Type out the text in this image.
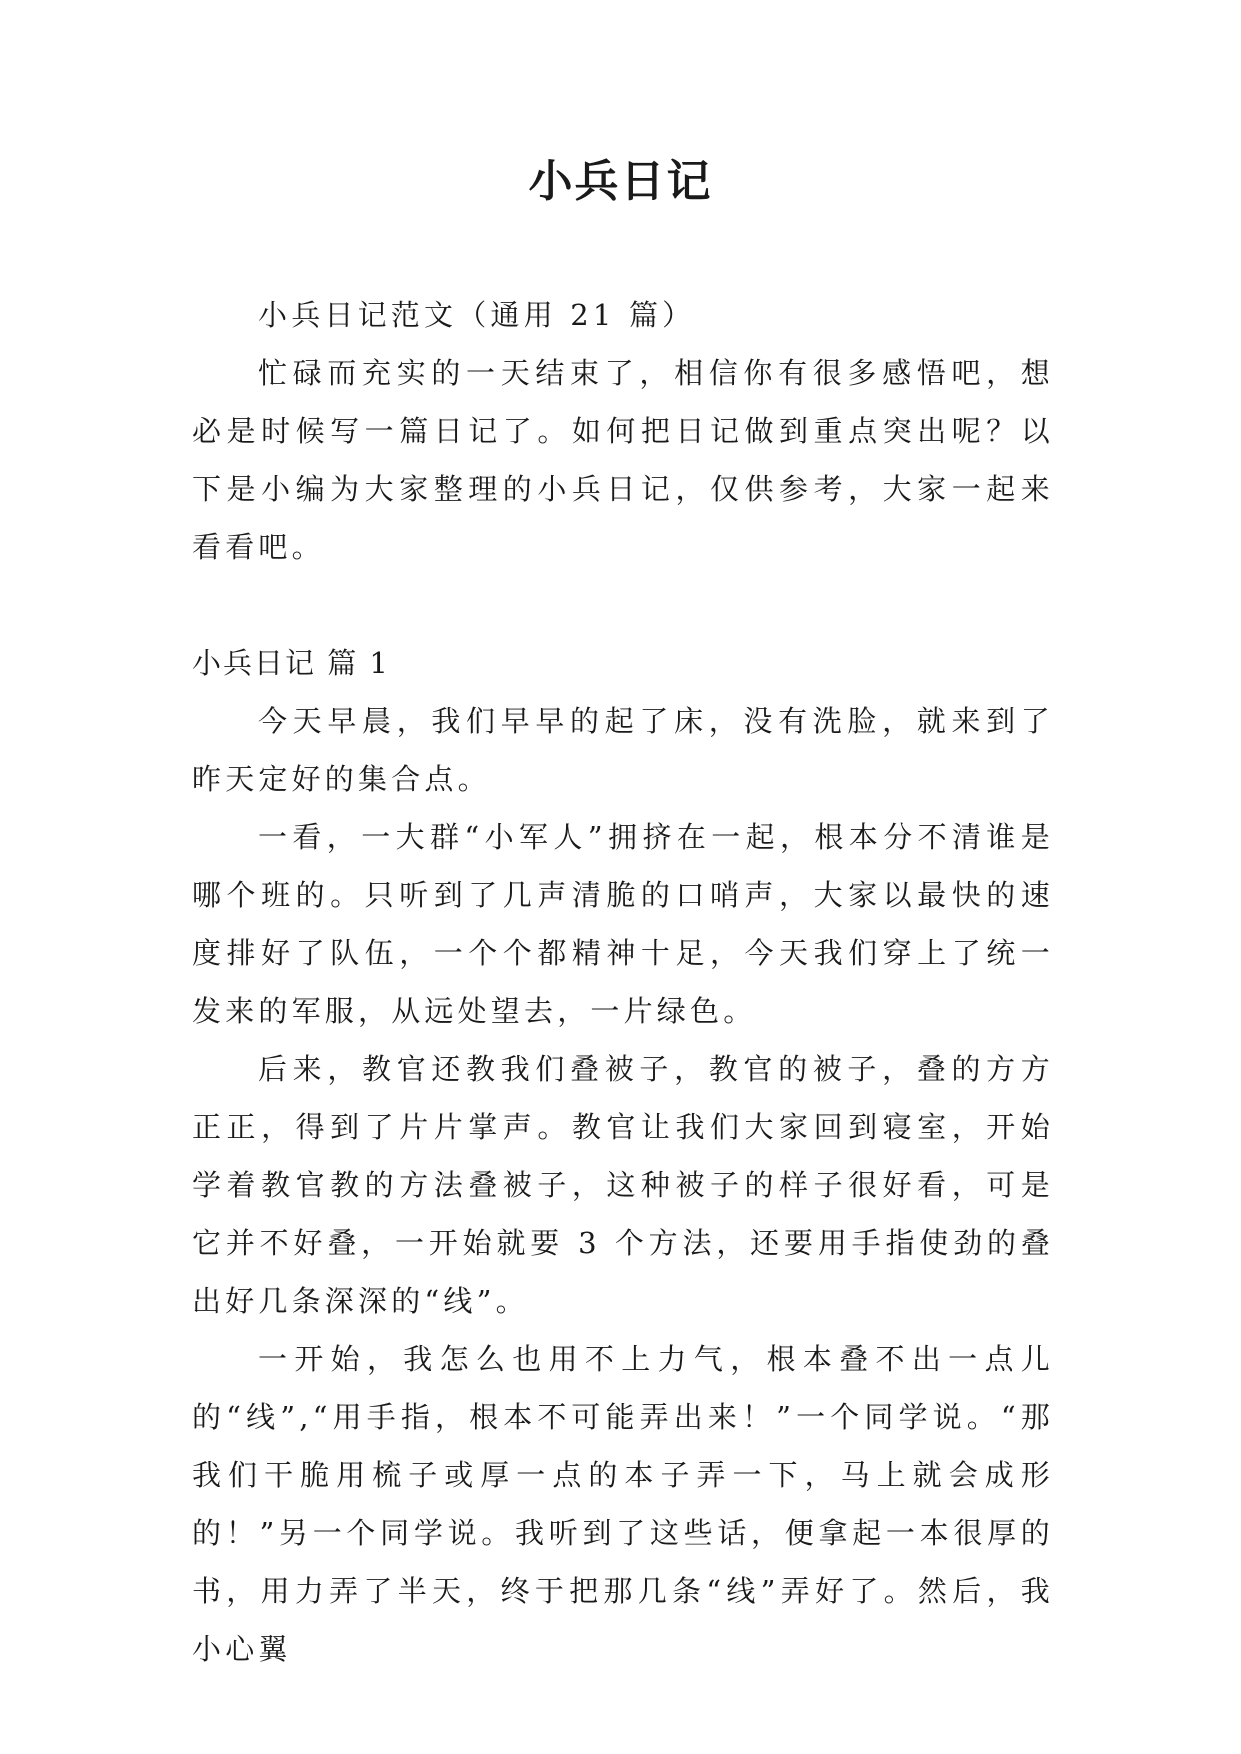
小兵日记

小兵日记范文（通用 21 篇）

忙碌而充实的一天结束了，相信你有很多感悟吧，想必是时候写一篇日记了。如何把日记做到重点突出呢？以下是小编为大家整理的小兵日记，仅供参考，大家一起来看看吧。

小兵日记 篇 1

今天早晨，我们早早的起了床，没有洗脸，就来到了昨天定好的集合点。

一看，一大群“小军人”拥挤在一起，根本分不清谁是哪个班的。只听到了几声清脆的口哨声，大家以最快的速度排好了队伍，一个个都精神十足，今天我们穿上了统一发来的军服，从远处望去，一片绿色。

后来，教官还教我们叠被子，教官的被子，叠的方方正正，得到了片片掌声。教官让我们大家回到寝室，开始学着教官教的方法叠被子，这种被子的样子很好看，可是它并不好叠，一开始就要 3 个方法，还要用手指使劲的叠出好几条深深的“线”。

一开始，我怎么也用不上力气，根本叠不出一点儿的“线”,“用手指，根本不可能弄出来！”一个同学说。“那我们干脆用梳子或厚一点的本子弄一下，马上就会成形的！”另一个同学说。我听到了这些话，便拿起一本很厚的书，用力弄了半天，终于把那几条“线”弄好了。然后，我小心翼
